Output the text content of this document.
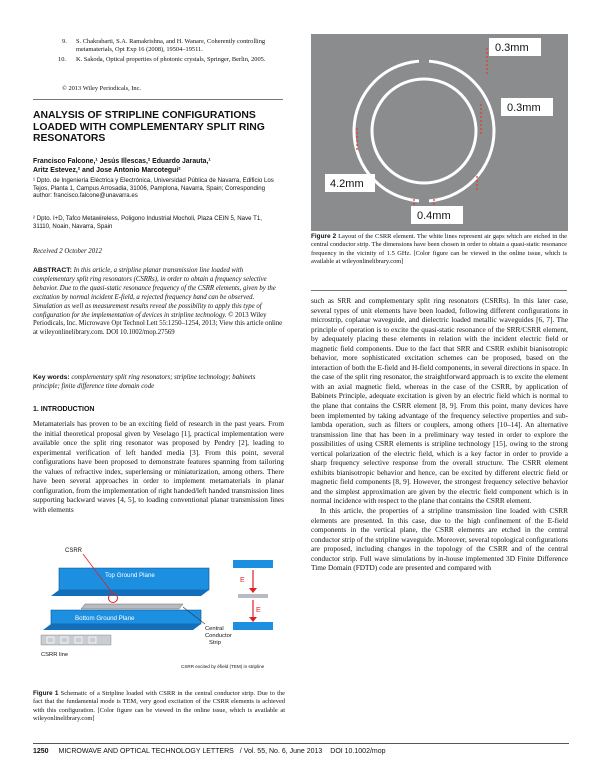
9.	S. Chakrabarti, S.A. Ramakrishna, and H. Wanare, Coherently controlling metamaterials, Opt Exp 16 (2008), 19504–19511.
10.	K. Sakoda, Optical properties of photonic crystals, Springer, Berlin, 2005.
© 2013 Wiley Periodicals, Inc.
ANALYSIS OF STRIPLINE CONFIGURATIONS LOADED WITH COMPLEMENTARY SPLIT RING RESONATORS
Francisco Falcone,¹ Jesús Illescas,² Eduardo Jarauta,¹
Aritz Estevez,² and Jose Antonio Marcotegui²
¹ Dpto. de Ingeniería Eléctrica y Electrónica, Universidad Pública de Navarra, Edificio Los Tejos, Planta 1, Campus Arrosadia, 31006, Pamplona, Navarra, Spain; Corresponding author: francisco.falcone@unavarra.es
² Dpto. I+D, Tafco Metawireless, Poligono Industrial Mocholi, Plaza CEIN 5, Nave T1, 31110, Noain, Navarra, Spain
Received 2 October 2012
ABSTRACT: In this article, a stripline planar transmission line loaded with complementary split ring resonators (CSRRs), in order to obtain a frequency selective behavior. Due to the quasi-static resonance frequency of the CSRR elements, given by the excitation by normal incident E-field, a rejected frequency band can be observed. Simulation as well as measurement results reveal the possibility to apply this type of configuration for the implementation of devices in stripline technology. © 2013 Wiley Periodicals, Inc. Microwave Opt Technol Lett 55:1250–1254, 2013; View this article online at wileyonlinelibrary.com. DOI 10.1002/mop.27569
Key words: complementary split ring resonators; stripline technology; babinets principle; finite difference time domain code
1. INTRODUCTION
Metamaterials has proven to be an exciting field of research in the past years. From the initial theoretical proposal given by Veselago [1], practical implementation were available once the split ring resonator was proposed by Pendry [2], leading to experimental verification of left handed media [3]. From this point, several configurations have been proposed to demonstrate features spanning from tailoring the values of refractive index, superlensing or miniaturization, among others. There have been several approaches in order to implement metamaterials in planar configuration, from the implementation of right handed/left handed transmission lines supporting backward waves [4, 5], to loading conventional planar transmission lines with elements
CSRR
Top Ground Plane
Bottom Ground Plane
Central
Conductor
Strip
CSRR line
E
E
CSRR excited by éfield (TEM) in stripline
Figure 1 Schematic of a Stripline loaded with CSRR in the central conductor strip. Due to the fact that the fundamental mode is TEM, very good excitation of the CSRR elements is achieved with this configuration. [Color figure can be viewed in the online issue, which is available at wileyonlinelibrary.com]
0.3mm
0.3mm
4.2mm
0.4mm
Figure 2 Layout of the CSRR element. The white lines represent air gaps which are etched in the central conductor strip. The dimensions have been chosen in order to obtain a quasi-static resonance frequency in the vicinity of 1.5 GHz. [Color figure can be viewed in the online issue, which is available at wileyonlinelibrary.com]

such as SRR and complementary split ring resonators (CSRRs). In this later case, several types of unit elements have been loaded, following different configurations in microstrip, coplanar waveguide, and dielectric loaded metallic waveguides [6, 7]. The principle of operation is to excite the quasi-static resonance of the SRR/CSRR element, by adequately placing these elements in relation with the incident electric field or magnetic field components. Due to the fact that SRR and CSRR exhibit bianisotropic behavior, more sophisticated excitation schemes can be proposed, based on the interaction of both the E-field and H-field components, in several directions in space. In the case of the split ring resonator, the straightforward approach is to excite the element with an axial magnetic field, whereas in the case of the CSRR, by application of Babinets Principle, adequate excitation is given by an electric field which is normal to the plane that contains the CSRR element [8, 9]. From this point, many devices have been implemented by taking advantage of the frequency selective properties and sub-lambda operation, such as filters or couplers, among others [10–14]. An alternative transmission line that has been in a preliminary way tested in order to explore the possibilities of using CSRR elements is stripline technology [15], owing to the strong vertical polarization of the electric field, which is a key factor in order to provide a sharp frequency selective response from the overall structure. The CSRR element exhibits bianisotropic behavior and hence, can be excited by different electric field or magnetic field components [8, 9]. However, the strongest frequency selective behavior and the simplest approximation are given by the electric field component which is in normal incidence with respect to the plane that contains the CSRR element.

In this article, the properties of a stripline transmission line loaded with CSRR elements are presented. In this case, due to the high confinement of the E-field components in the vertical plane, the CSRR elements are etched in the central conductor strip of the stripline waveguide. Moreover, several topological configurations are proposed, including changes in the topology of the CSRR and of the central conductor strip. Full wave simulations by in-house implemented 3D Finite Difference Time Domain (FDTD) code are presented and compared with

1250 MICROWAVE AND OPTICAL TECHNOLOGY LETTERS / Vol. 55, No. 6, June 2013 DOI 10.1002/mop
